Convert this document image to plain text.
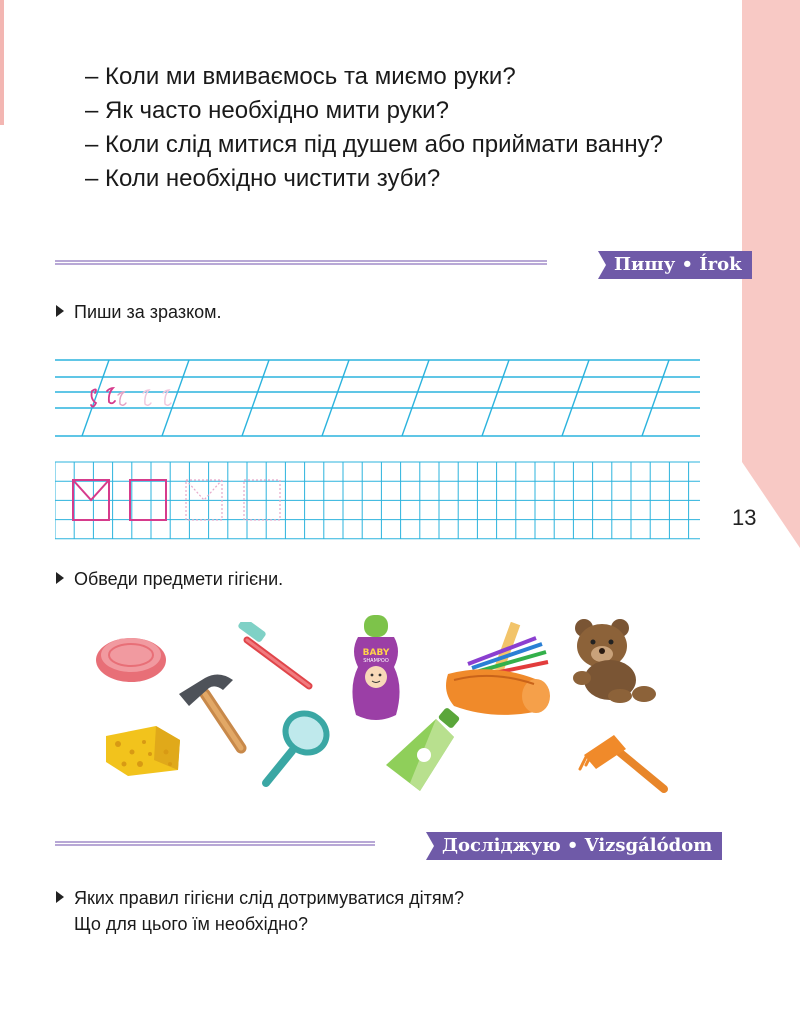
– Коли ми вмиваємось та миємо руки?

– Як часто необхідно мити руки?

– Коли слід митися під душем або приймати ванну?

– Коли необхідно чистити зуби?

Пишу • Írok

Пиши за зразком.

Обведи предмети гігієни.

BABY
SHAMPOO
Досліджую • Vizsgálódom

Яких правил гігієни слід дотримуватися дітям?
Що для цього їм необхідно?

13
